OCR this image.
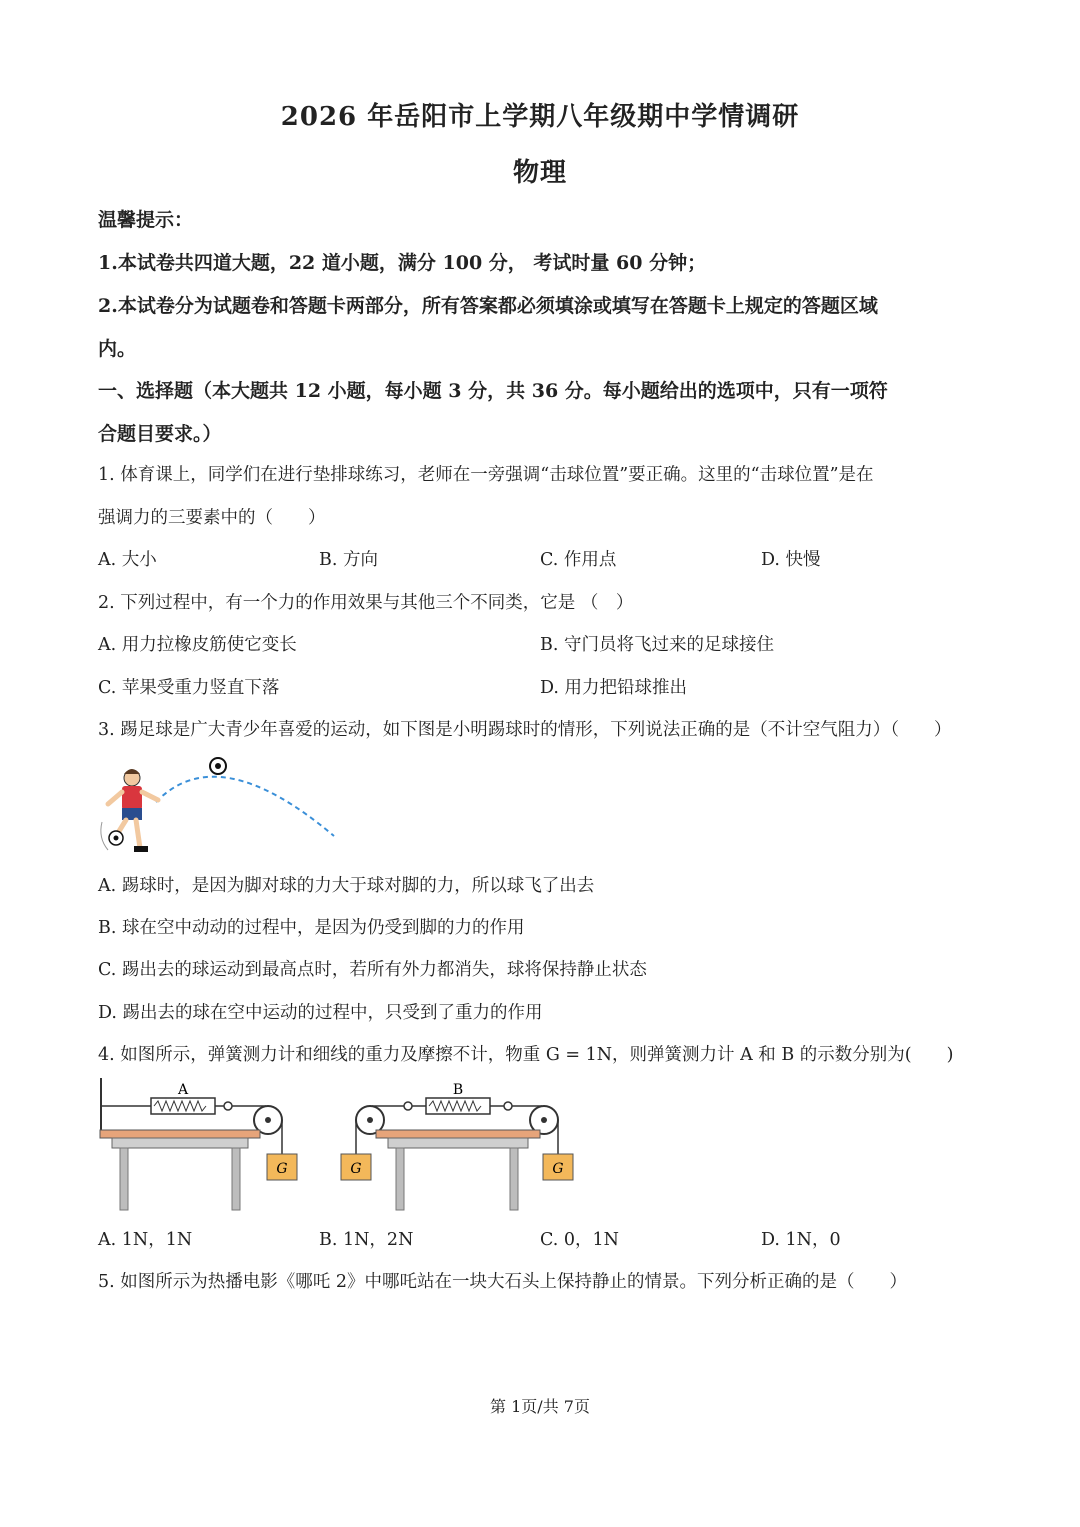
2026 年岳阳市上学期八年级期中学情调研
物理
温馨提示：
1.本试卷共四道大题，22 道小题，满分 100 分， 考试时量 60 分钟；
2.本试卷分为试题卷和答题卡两部分，所有答案都必须填涂或填写在答题卡上规定的答题区域
内。
一、选择题（本大题共 12 小题，每小题 3 分，共 36 分。每小题给出的选项中，只有一项符
合题目要求。）
1. 体育课上，同学们在进行垫排球练习，老师在一旁强调“击球位置”要正确。这里的“击球位置”是在
强调力的三要素中的（　　）
A. 大小	B. 方向	C. 作用点	D. 快慢
2. 下列过程中，有一个力的作用效果与其他三个不同类，它是 （　）
A. 用力拉橡皮筋使它变长	B. 守门员将飞过来的足球接住
C. 苹果受重力竖直下落	D. 用力把铅球推出
3. 踢足球是广大青少年喜爱的运动，如下图是小明踢球时的情形，下列说法正确的是（不计空气阻力）（　　）
A. 踢球时，是因为脚对球的力大于球对脚的力，所以球飞了出去
B. 球在空中动动的过程中，是因为仍受到脚的力的作用
C. 踢出去的球运动到最高点时，若所有外力都消失，球将保持静止状态
D. 踢出去的球在空中运动的过程中，只受到了重力的作用
4. 如图所示，弹簧测力计和细线的重力及摩擦不计，物重 G = 1N，则弹簧测力计 A 和 B 的示数分别为(　　)
A
G
B
G	G
A. 1N，1N	B. 1N，2N	C. 0，1N	D. 1N，0
5. 如图所示为热播电影《哪吒 2》中哪吒站在一块大石头上保持静止的情景。下列分析正确的是（　　）
第 1页/共 7页
